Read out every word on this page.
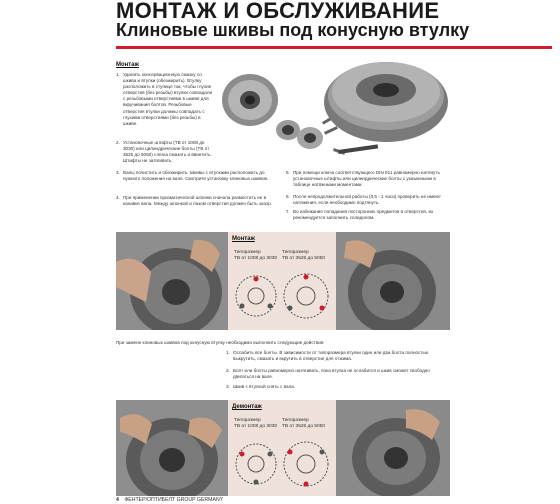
МОНТАЖ И ОБСЛУЖИВАНИЕ
Клиновые шкивы под конусную втулку
Монтаж
1. Удалить консервационную смазку со шкива и втулки (обезжирить). Втулку расположить в ступице так, чтобы глухие отверстия (без резьбы) втулки совпадали с резьбовыми отверстиями в шкиве для вкручивания болтов. Резьбовые отверстия втулки должны совпадать с глухими отверстиями (без резьбы) в шкиве.
2. Установочные штифты (ТВ от 1008 до 3030) или цилиндрические болты (ТВ от 3525 до 5050) слегка смазать и ввинтить. Штифты не затягивать.
3. Валы почистить и обезжирить. Шкивы с втулками расположить до нужного положения на вале. Смотрите установку клиновых шкивов.
4. При применении призматической шпонки сначала разместить ее в канавке вала. Между шпонкой и пазом отверстия должен быть зазор.
5. При помощи ключа соответствующего DIN 911 равномерно натянуть установочные штифты или цилиндрические болты с указанными в таблице натяжными моментами.
6. После непродолжительной работы (0,5 - 1 часа) проверить не имеют натяжения, если необходимо подтянуть.
7. Во избежание попадания посторонних предметов в отверстия, их рекомендуется заполнить солидолом.
Монтаж
Типоразмер
ТВ от 1008 до 3030
Типоразмер
ТВ от 3525 до 5050
При замене клиновых шкивов под конусную втулку необходимо выполнить следующие действия:
1. Ослабить все болты. В зависимости от типоразмера втулки один или два болта полностью выкрутить, смазать и вкрутить в отверстие для отжима.
2. Болт или болты равномерно натягивать, пока втулка не ослабится и шкив сможет свободно двигаться на вале.
3. Шкив с втулкой снять с вала.
Демонтаж
Типоразмер
ТВ от 1008 до 3030
Типоразмер
ТВ от 3525 до 5050
4 ФЕНТЕР/ОПТИБЕЛТ GROUP GERMANY
